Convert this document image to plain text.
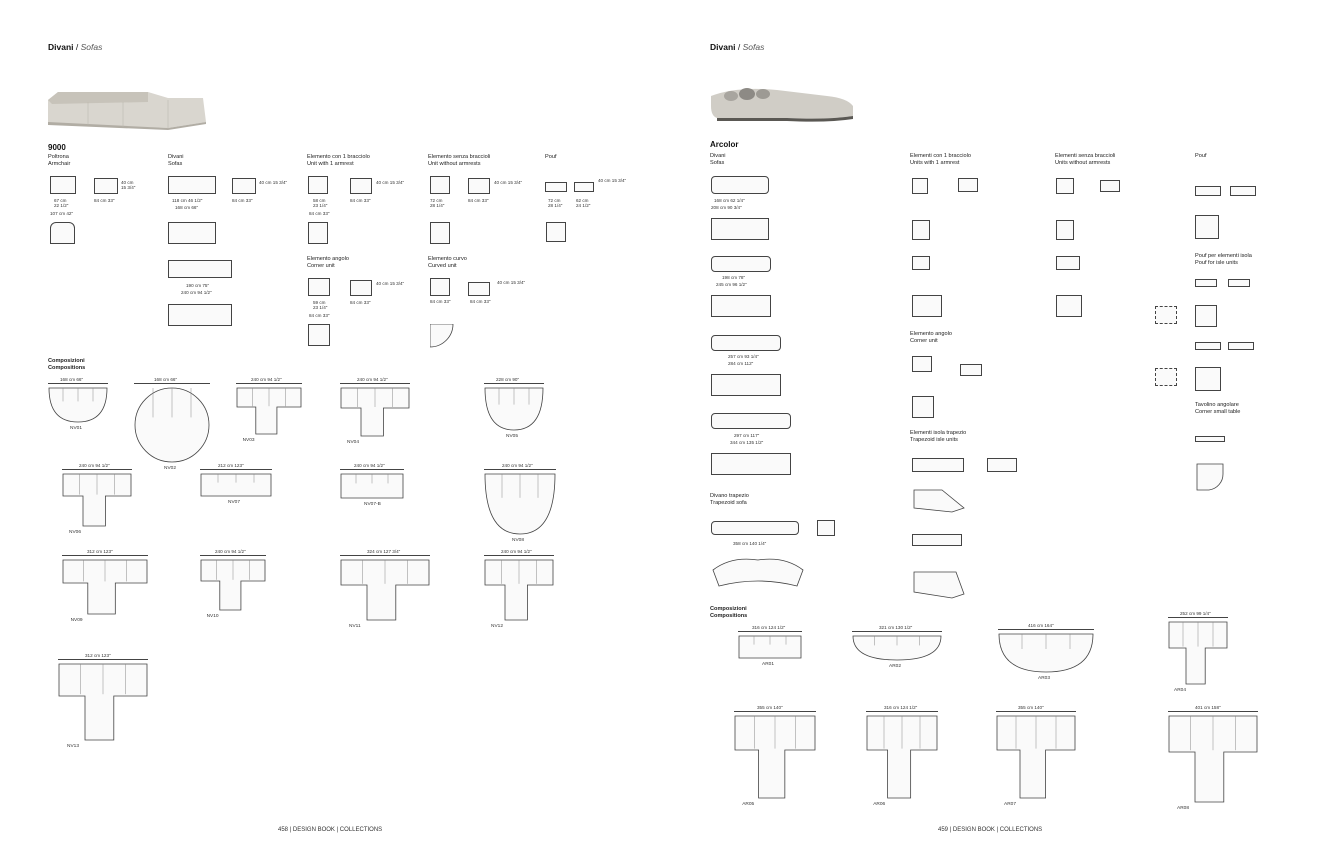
Divani / Sofas
9000
Poltrona
Armchair
Divani
Sofas
Elemento con 1 bracciolo
Unit with 1 armrest
Elemento senza braccioli
Unit without armrests
Pouf
Elemento angolo
Corner unit
Elemento curvo
Curved unit
40 cm
15 3/4"
67 cm
22 1/2"
107 cm 42"
84 cm 33"
40 cm 15 3/4"
118 cm 46 1/2"
168 cm 66"
84 cm 33"
190 cm 75"
240 cm 94 1/2"
40 cm 15 3/4"
58 cm
23 1/4"
84 cm 33"
84 cm 33"
40 cm 15 3/4"
72 cm
28 1/4"
84 cm 33"
40 cm 15 3/4"
72 cm
28 1/4"
62 cm
24 1/2"
40 cm 15 3/4"
59 cm
23 1/4"
84 cm 33"
84 cm 33"
40 cm 15 3/4"
84 cm 33"	84 cm 33"
Composizioni
Compositions
168 cm 66"
NV01
168 cm 66"
NV02
240 cm 94 1/2"
NV03
240 cm 94 1/2"
NV04
228 cm 90"
NV05
240 cm 94 1/2"
NV06
212 cm 123"
NV07
240 cm 94 1/2"
NV07-B
240 cm 94 1/2"
NV08
312 cm 123"
NV09
240 cm 94 1/2"
NV10
324 cm 127 3/4"
NV11
240 cm 94 1/2"
NV12
312 cm 123"
NV13
458 | DESIGN BOOK | COLLECTIONS
Divani / Sofas
Arcolor
Divani
Sofas
Elementi con 1 bracciolo
Units with 1 armrest
Elementi senza braccioli
Units without armrests
Pouf
Pouf per elementi isola
Pouf for isle units
Elemento angolo
Corner unit
Elementi isola trapezio
Trapezoid isle units
Tavolino angolare
Corner small table
Divano trapezio
Trapezoid sofa
168 cm 62 1/4"
208 cm 90 3/4"
198 cm 78"
245 cm 96 1/2"
257 cm 93 1/4"
284 cm 112"
297 cm 117"
344 cm 135 1/2"
358 cm 140 1/4"
Composizioni
Compositions
316 cm 124 1/2"
AR01
321 cm 130 1/2"
AR02
416 cm 164"
AR03
252 cm 99 1/4"
AR04
355 cm 140"
AR05
316 cm 124 1/2"
AR06
355 cm 140"
AR07
401 cm 158"
AR08
459 | DESIGN BOOK | COLLECTIONS
